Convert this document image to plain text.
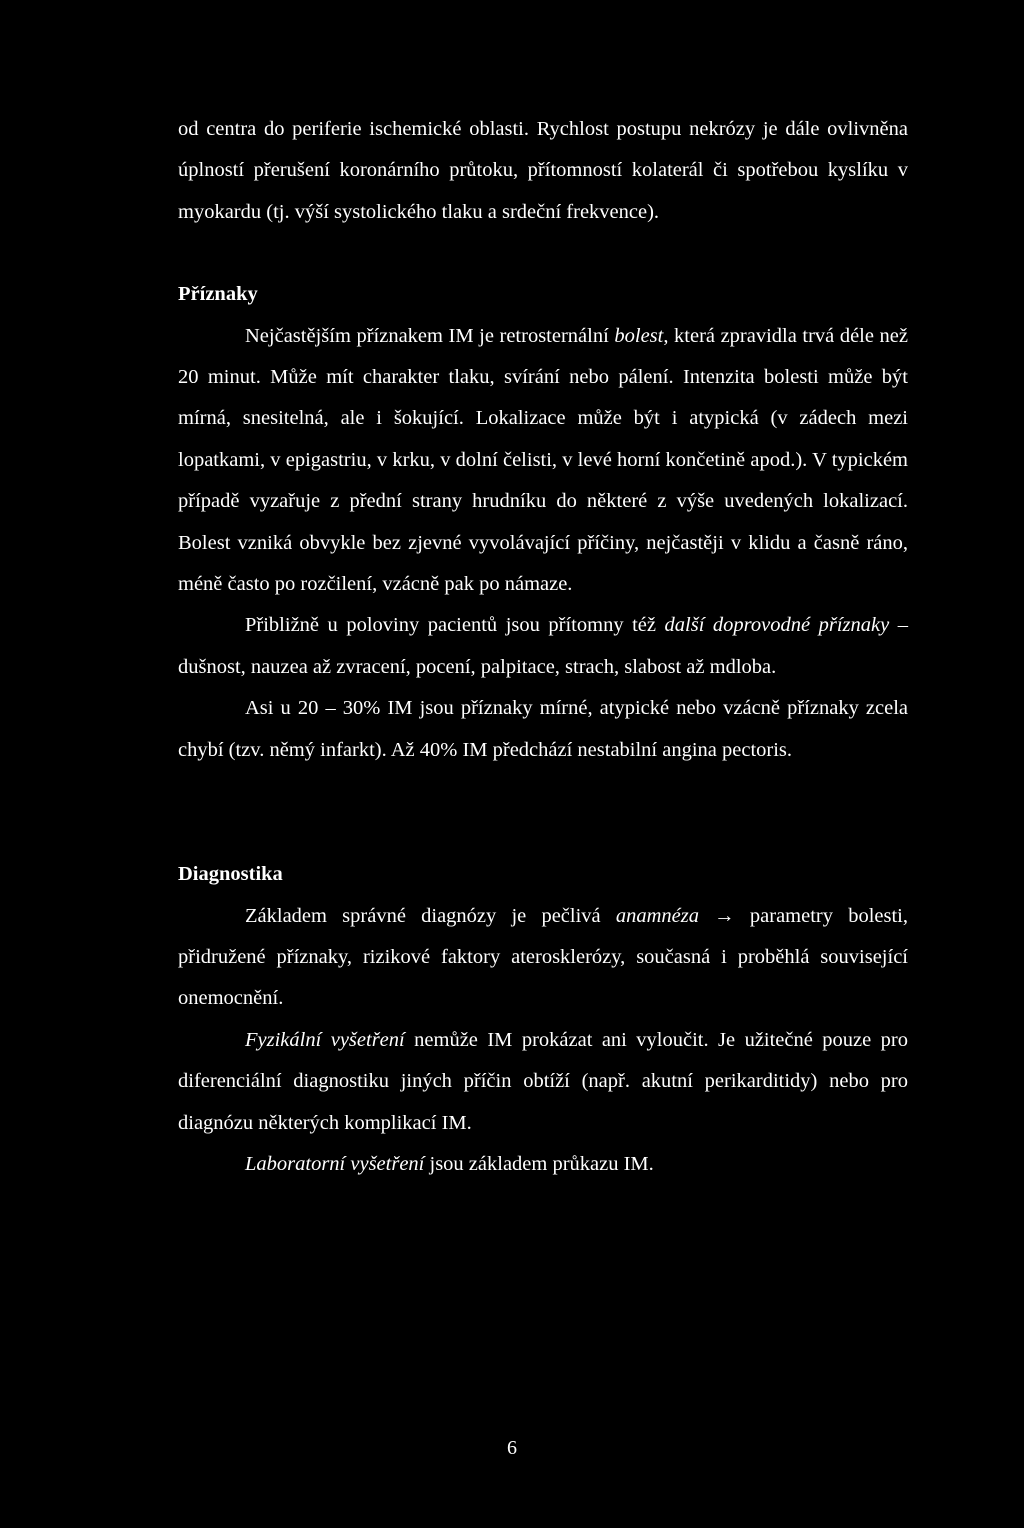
od centra do periferie ischemické oblasti. Rychlost postupu nekrózy je dále ovlivněna úplností přerušení koronárního průtoku, přítomností kolaterál či spotřebou kyslíku v myokardu (tj. výší systolického tlaku a srdeční frekvence).

Příznaky

Nejčastějším příznakem IM je retrosternální bolest, která zpravidla trvá déle než 20 minut. Může mít charakter tlaku, svírání nebo pálení. Intenzita bolesti může být mírná, snesitelná, ale i šokující. Lokalizace může být i atypická (v zádech mezi lopatkami, v epigastriu, v krku, v dolní čelisti, v levé horní končetině apod.). V typickém případě vyzařuje z přední strany hrudníku do některé z výše uvedených lokalizací. Bolest vzniká obvykle bez zjevné vyvolávající příčiny, nejčastěji v klidu a časně ráno, méně často po rozčilení, vzácně pak po námaze.

Přibližně u poloviny pacientů jsou přítomny též další doprovodné příznaky – dušnost, nauzea až zvracení, pocení, palpitace, strach, slabost až mdloba.

Asi u 20 – 30% IM jsou příznaky mírné, atypické nebo vzácně příznaky zcela chybí (tzv. němý infarkt). Až 40% IM předchází nestabilní angina pectoris.

Diagnostika

Základem správné diagnózy je pečlivá anamnéza → parametry bolesti, přidružené příznaky, rizikové faktory aterosklerózy, současná i proběhlá související onemocnění.

Fyzikální vyšetření nemůže IM prokázat ani vyloučit. Je užitečné pouze pro diferenciální diagnostiku jiných příčin obtíží (např. akutní perikarditidy) nebo pro diagnózu některých komplikací IM.

Laboratorní vyšetření jsou základem průkazu IM.

6
